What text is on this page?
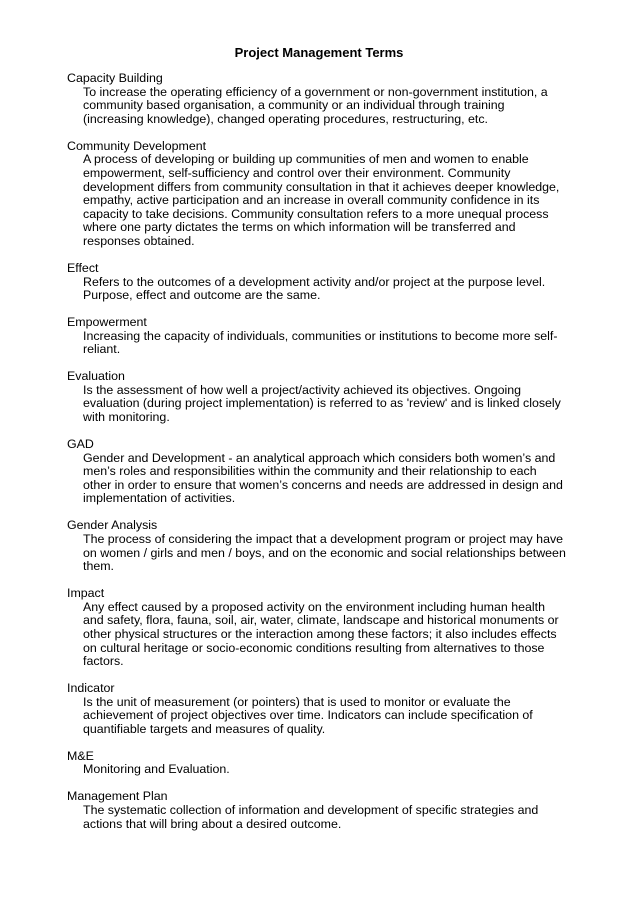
Project Management Terms

Capacity Building

To increase the operating efficiency of a government or non-government institution, a community based organisation, a community or an individual through training (increasing knowledge), changed operating procedures, restructuring, etc.

Community Development

A process of developing or building up communities of men and women to enable empowerment, self-sufficiency and control over their environment. Community development differs from community consultation in that it achieves deeper knowledge, empathy, active participation and an increase in overall community confidence in its capacity to take decisions. Community consultation refers to a more unequal process where one party dictates the terms on which information will be transferred and responses obtained.

Effect

Refers to the outcomes of a development activity and/or project at the purpose level. Purpose, effect and outcome are the same.

Empowerment

Increasing the capacity of individuals, communities or institutions to become more self-reliant.

Evaluation

Is the assessment of how well a project/activity achieved its objectives. Ongoing evaluation (during project implementation) is referred to as 'review' and is linked closely with monitoring.

GAD

Gender and Development - an analytical approach which considers both women’s and men’s roles and responsibilities within the community and their relationship to each other in order to ensure that women’s concerns and needs are addressed in design and implementation of activities.

Gender Analysis

The process of considering the impact that a development program or project may have on women / girls and men / boys, and on the economic and social relationships between them.

Impact

Any effect caused by a proposed activity on the environment including human health and safety, flora, fauna, soil, air, water, climate, landscape and historical monuments or other physical structures or the interaction among these factors; it also includes effects on cultural heritage or socio-economic conditions resulting from alternatives to those factors.

Indicator

Is the unit of measurement (or pointers) that is used to monitor or evaluate the achievement of project objectives over time. Indicators can include specification of quantifiable targets and measures of quality.

M&E

Monitoring and Evaluation.

Management Plan

The systematic collection of information and development of specific strategies and actions that will bring about a desired outcome.
